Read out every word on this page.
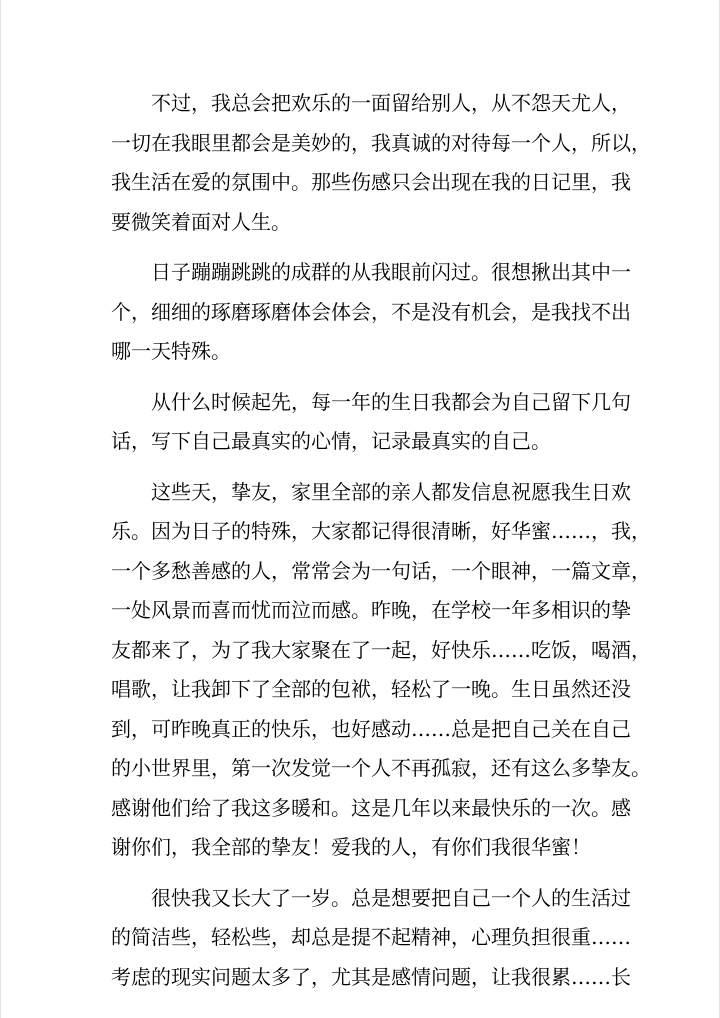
不过，我总会把欢乐的一面留给别人，从不怨天尤人，
一切在我眼里都会是美妙的，我真诚的对待每一个人，所以，
我生活在爱的氛围中。那些伤感只会出现在我的日记里，我
要微笑着面对人生。

日子蹦蹦跳跳的成群的从我眼前闪过。很想揪出其中一
个，细细的琢磨琢磨体会体会，不是没有机会，是我找不出
哪一天特殊。

从什么时候起先，每一年的生日我都会为自己留下几句
话，写下自己最真实的心情，记录最真实的自己。

这些天，挚友，家里全部的亲人都发信息祝愿我生日欢
乐。因为日子的特殊，大家都记得很清晰，好华蜜……，我，
一个多愁善感的人，常常会为一句话，一个眼神，一篇文章，
一处风景而喜而忧而泣而感。昨晚，在学校一年多相识的挚
友都来了，为了我大家聚在了一起，好快乐……吃饭，喝酒，
唱歌，让我卸下了全部的包袱，轻松了一晚。生日虽然还没
到，可昨晚真正的快乐，也好感动……总是把自己关在自己
的小世界里，第一次发觉一个人不再孤寂，还有这么多挚友。
感谢他们给了我这多暖和。这是几年以来最快乐的一次。感
谢你们，我全部的挚友！爱我的人，有你们我很华蜜！

很快我又长大了一岁。总是想要把自己一个人的生活过
的简洁些，轻松些，却总是提不起精神，心理负担很重……
考虑的现实问题太多了，尤其是感情问题，让我很累……长
